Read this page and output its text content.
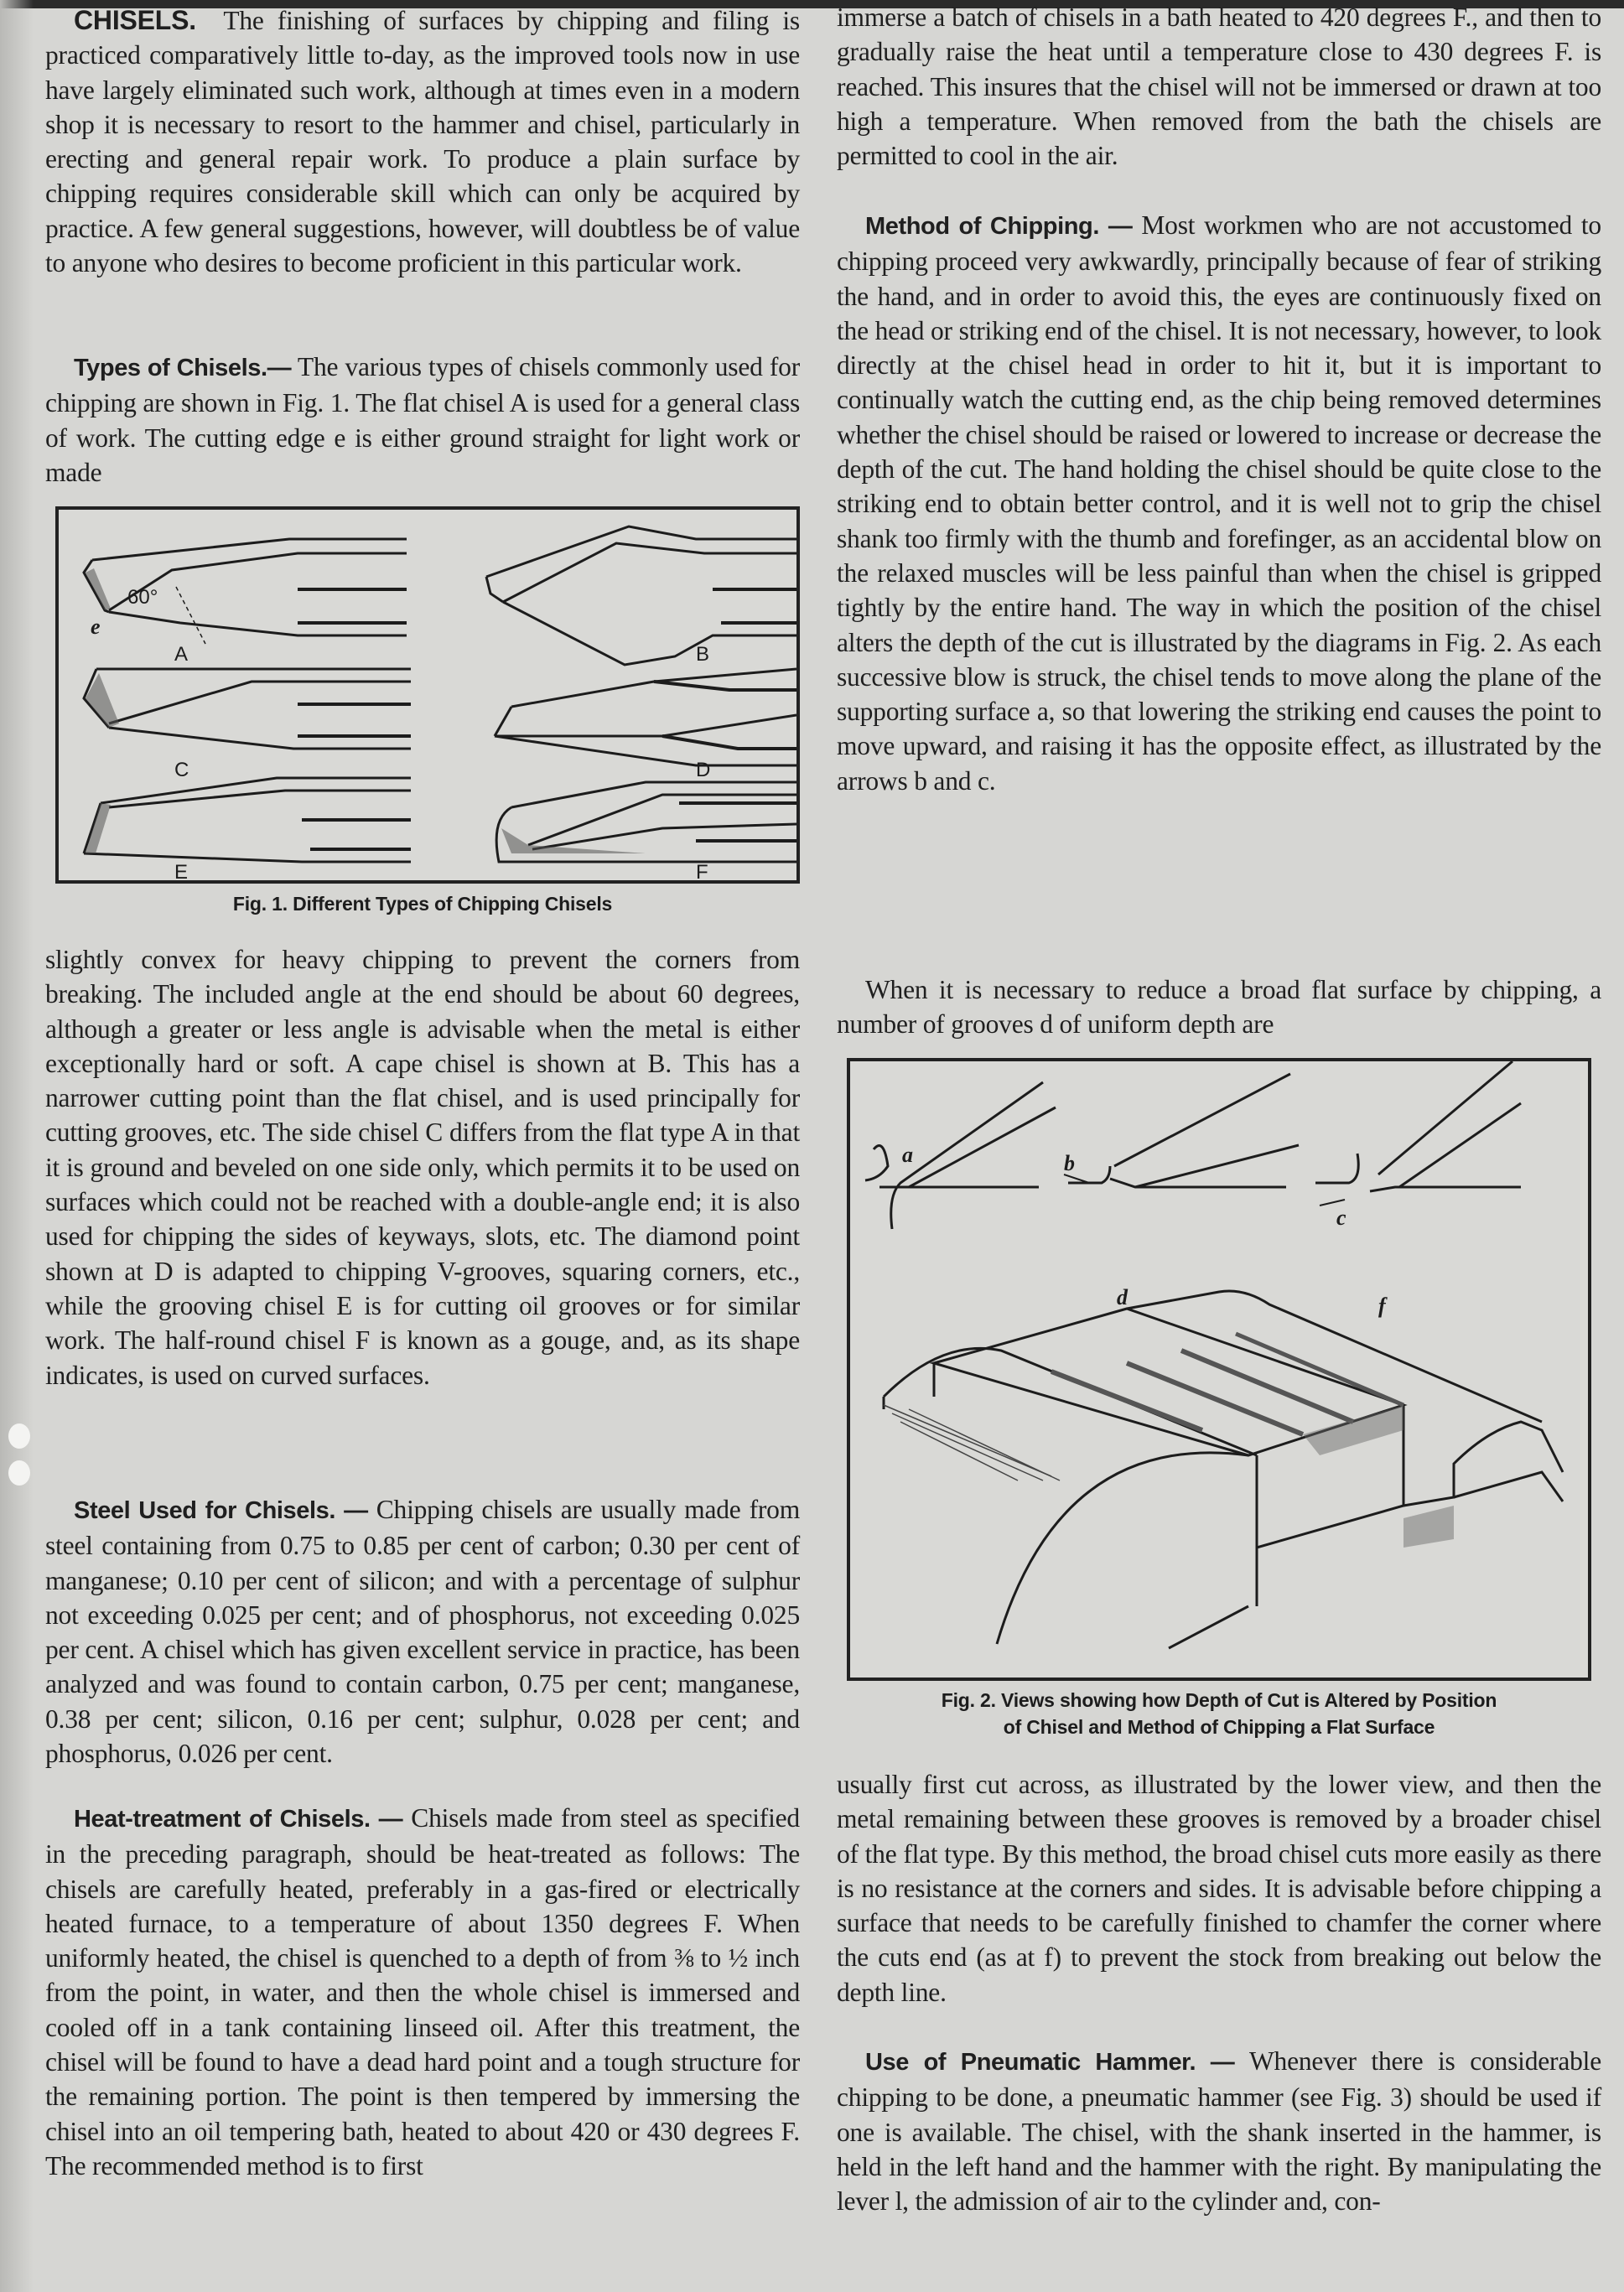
CHISELS. The finishing of surfaces by chipping and filing is practiced comparatively little to-day, as the improved tools now in use have largely eliminated such work, although at times even in a modern shop it is necessary to resort to the hammer and chisel, particularly in erecting and general repair work. To produce a plain surface by chipping requires considerable skill which can only be acquired by practice. A few general suggestions, however, will doubtless be of value to anyone who desires to become proficient in this particular work.
Types of Chisels.— The various types of chisels commonly used for chipping are shown in Fig. 1. The flat chisel A is used for a general class of work. The cutting edge e is either ground straight for light work or made
60°
e
A	B
C	D
E	F
Fig. 1. Different Types of Chipping Chisels
slightly convex for heavy chipping to prevent the corners from breaking. The included angle at the end should be about 60 degrees, although a greater or less angle is advisable when the metal is either exceptionally hard or soft. A cape chisel is shown at B. This has a narrower cutting point than the flat chisel, and is used principally for cutting grooves, etc. The side chisel C differs from the flat type A in that it is ground and beveled on one side only, which permits it to be used on surfaces which could not be reached with a double-angle end; it is also used for chipping the sides of keyways, slots, etc. The diamond point shown at D is adapted to chipping V-grooves, squaring corners, etc., while the grooving chisel E is for cutting oil grooves or for similar work. The half-round chisel F is known as a gouge, and, as its shape indicates, is used on curved surfaces.
Steel Used for Chisels. — Chipping chisels are usually made from steel containing from 0.75 to 0.85 per cent of carbon; 0.30 per cent of manganese; 0.10 per cent of silicon; and with a percentage of sulphur not exceeding 0.025 per cent; and of phosphorus, not exceeding 0.025 per cent. A chisel which has given excellent service in practice, has been analyzed and was found to contain carbon, 0.75 per cent; manganese, 0.38 per cent; silicon, 0.16 per cent; sulphur, 0.028 per cent; and phosphorus, 0.026 per cent.
Heat-treatment of Chisels. — Chisels made from steel as specified in the preceding paragraph, should be heat-treated as follows: The chisels are carefully heated, preferably in a gas-fired or electrically heated furnace, to a temperature of about 1350 degrees F. When uniformly heated, the chisel is quenched to a depth of from ⅜ to ½ inch from the point, in water, and then the whole chisel is immersed and cooled off in a tank containing linseed oil. After this treatment, the chisel will be found to have a dead hard point and a tough structure for the remaining portion. The point is then tempered by immersing the chisel into an oil tempering bath, heated to about 420 or 430 degrees F. The recommended method is to first
immerse a batch of chisels in a bath heated to 420 degrees F., and then to gradually raise the heat until a temperature close to 430 degrees F. is reached. This insures that the chisel will not be immersed or drawn at too high a temperature. When removed from the bath the chisels are permitted to cool in the air.
Method of Chipping. — Most workmen who are not accustomed to chipping proceed very awkwardly, principally because of fear of striking the hand, and in order to avoid this, the eyes are continuously fixed on the head or striking end of the chisel. It is not necessary, however, to look directly at the chisel head in order to hit it, but it is important to continually watch the cutting end, as the chip being removed determines whether the chisel should be raised or lowered to increase or decrease the depth of the cut. The hand holding the chisel should be quite close to the striking end to obtain better control, and it is well not to grip the chisel shank too firmly with the thumb and forefinger, as an accidental blow on the relaxed muscles will be less painful than when the chisel is gripped tightly by the entire hand. The way in which the position of the chisel alters the depth of the cut is illustrated by the diagrams in Fig. 2. As each successive blow is struck, the chisel tends to move along the plane of the supporting surface a, so that lowering the striking end causes the point to move upward, and raising it has the opposite effect, as illustrated by the arrows b and c.
When it is necessary to reduce a broad flat surface by chipping, a number of grooves d of uniform depth are
a	b
c
d	f
Fig. 2. Views showing how Depth of Cut is Altered by Position
of Chisel and Method of Chipping a Flat Surface
usually first cut across, as illustrated by the lower view, and then the metal remaining between these grooves is removed by a broader chisel of the flat type. By this method, the broad chisel cuts more easily as there is no resistance at the corners and sides. It is advisable before chipping a surface that needs to be carefully finished to chamfer the corner where the cuts end (as at f) to prevent the stock from breaking out below the depth line.
Use of Pneumatic Hammer. — Whenever there is considerable chipping to be done, a pneumatic hammer (see Fig. 3) should be used if one is available. The chisel, with the shank inserted in the hammer, is held in the left hand and the hammer with the right. By manipulating the lever l, the admission of air to the cylinder and, con-
